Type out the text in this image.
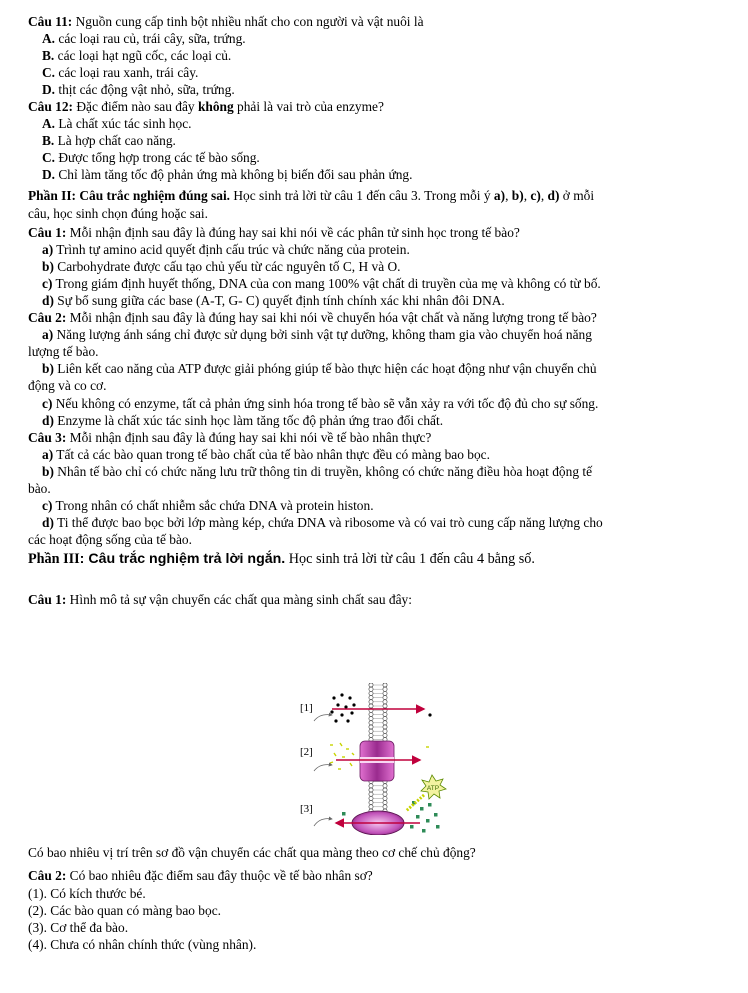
Câu 11: Nguồn cung cấp tinh bột nhiều nhất cho con người và vật nuôi là
A. các loại rau củ, trái cây, sữa, trứng.
B. các loại hạt ngũ cốc, các loại củ.
C. các loại rau xanh, trái cây.
D. thịt các động vật nhỏ, sữa, trứng.
Câu 12: Đặc điểm nào sau đây không phải là vai trò của enzyme?
A. Là chất xúc tác sinh học.
B. Là hợp chất cao năng.
C. Được tổng hợp trong các tế bào sống.
D. Chỉ làm tăng tốc độ phản ứng mà không bị biến đổi sau phản ứng.
Phần II: Câu trắc nghiệm đúng sai. Học sinh trả lời từ câu 1 đến câu 3. Trong mỗi ý a), b), c), d) ở mỗi
câu, học sinh chọn đúng hoặc sai.
Câu 1: Mỗi nhận định sau đây là đúng hay sai khi nói về các phân tử sinh học trong tế bào?
a) Trình tự amino acid quyết định cấu trúc và chức năng của protein.
b) Carbohydrate được cấu tạo chủ yếu từ các nguyên tố C, H và O.
c) Trong giám định huyết thống, DNA của con mang 100% vật chất di truyền của mẹ và không có từ bố.
d) Sự bổ sung giữa các base (A-T, G- C) quyết định tính chính xác khi nhân đôi DNA.
Câu 2: Mỗi nhận định sau đây là đúng hay sai khi nói về chuyển hóa vật chất và năng lượng trong tế bào?
a) Năng lượng ánh sáng chỉ được sử dụng bởi sinh vật tự dưỡng, không tham gia vào chuyển hoá năng
lượng tế bào.
b) Liên kết cao năng của ATP được giải phóng giúp tế bào thực hiện các hoạt động như vận chuyển chủ
động và co cơ.
c) Nếu không có enzyme, tất cả phản ứng sinh hóa trong tế bào sẽ vẫn xảy ra với tốc độ đủ cho sự sống.
d) Enzyme là chất xúc tác sinh học làm tăng tốc độ phản ứng trao đổi chất.
Câu 3: Mỗi nhận định sau đây là đúng hay sai khi nói về tế bào nhân thực?
a) Tất cả các bào quan trong tế bào chất của tế bào nhân thực đều có màng bao bọc.
b) Nhân tế bào chỉ có chức năng lưu trữ thông tin di truyền, không có chức năng điều hòa hoạt động tế
bào.
c) Trong nhân có chất nhiễm sắc chứa DNA và protein histon.
d) Ti thể được bao bọc bởi lớp màng kép, chứa DNA và ribosome và có vai trò cung cấp năng lượng cho
các hoạt động sống của tế bào.
Phần III: Câu trắc nghiệm trả lời ngắn. Học sinh trả lời từ câu 1 đến câu 4 bằng số.
Câu 1: Hình mô tả sự vận chuyển các chất qua màng sinh chất sau đây:
ATP
[1]
[2]
[3]
Có bao nhiêu vị trí trên sơ đồ vận chuyển các chất qua màng theo cơ chế chủ động?
Câu 2: Có bao nhiêu đặc điểm sau đây thuộc về tế bào nhân sơ?
(1). Có kích thước bé.
(2). Các bào quan có màng bao bọc.
(3). Cơ thể đa bào.
(4). Chưa có nhân chính thức (vùng nhân).
